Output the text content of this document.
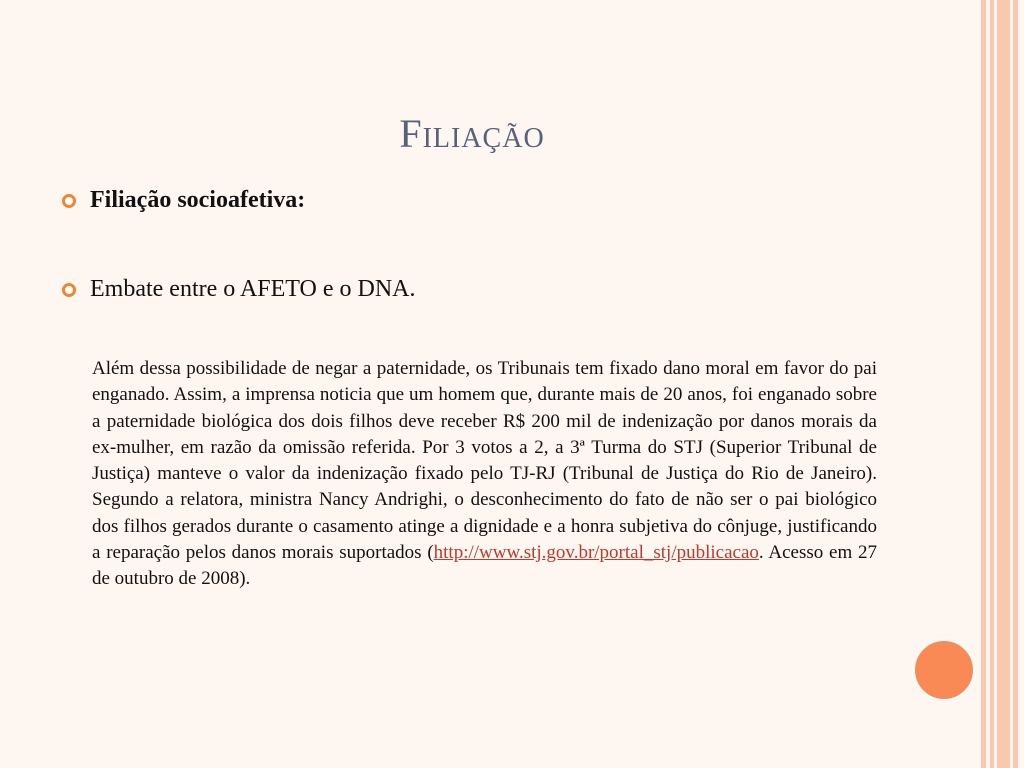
Filiação
Filiação socioafetiva:
Embate entre o AFETO e o DNA.

Além dessa possibilidade de negar a paternidade, os Tribunais tem fixado dano moral em favor do pai enganado. Assim, a imprensa noticia que um homem que, durante mais de 20 anos, foi enganado sobre a paternidade biológica dos dois filhos deve receber R$ 200 mil de indenização por danos morais da ex-mulher, em razão da omissão referida. Por 3 votos a 2, a 3ª Turma do STJ (Superior Tribunal de Justiça) manteve o valor da indenização fixado pelo TJ-RJ (Tribunal de Justiça do Rio de Janeiro). Segundo a relatora, ministra Nancy Andrighi, o desconhecimento do fato de não ser o pai biológico dos filhos gerados durante o casamento atinge a dignidade e a honra subjetiva do cônjuge, justificando a reparação pelos danos morais suportados (http://www.stj.gov.br/portal_stj/publicacao. Acesso em 27 de outubro de 2008).
